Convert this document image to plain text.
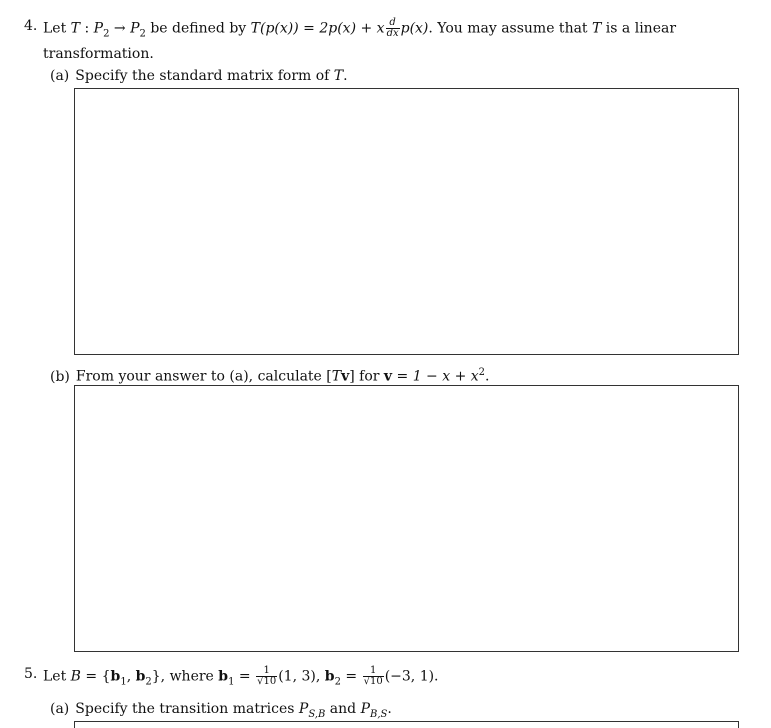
4. Let T : $P_2 \to P_2$ be defined by T(p(x)) = 2p(x) + x $\frac{d}{dx} p(x)$. You may assume that T is a linear
transformation.
(a) Specify the standard matrix form of T.
(b) From your answer to (a), calculate [Tv] for $v = 1 - x + x^2$.
5. Let $B = \{b_1$, $b_2$}, where $b_1 = \frac{1}{√10} (1$, 3), $b_2 = \frac{1}{√10} (-3$, 1).
(a) Specify the transition matrices $P_{S,B}$ and $P_{B,S}$.
